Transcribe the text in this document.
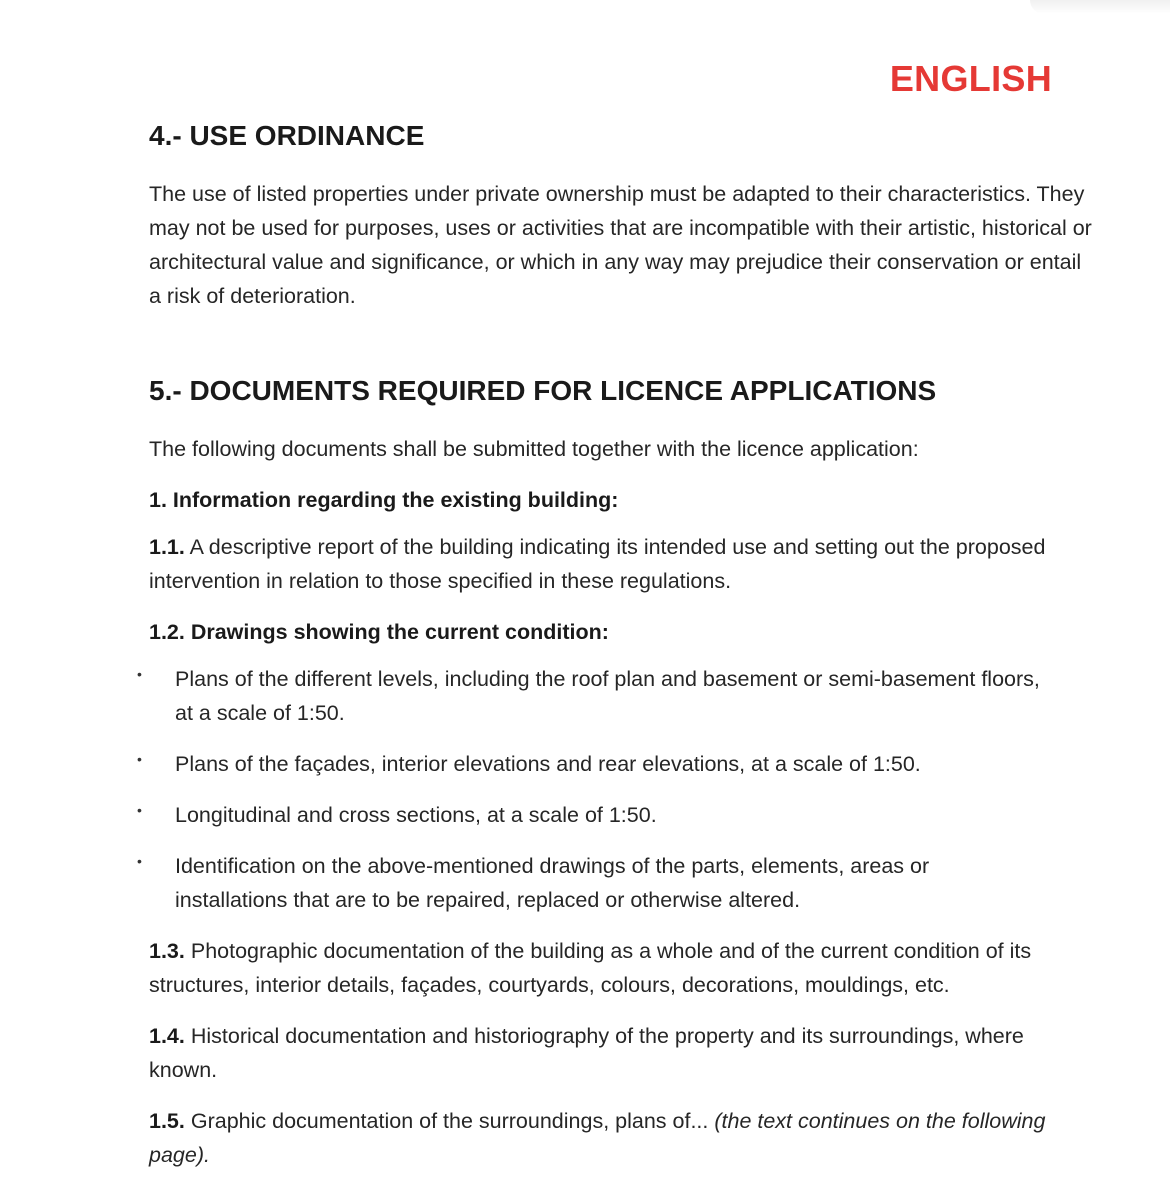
ENGLISH
4.- USE ORDINANCE
The use of listed properties under private ownership must be adapted to their characteristics. They may not be used for purposes, uses or activities that are incompatible with their artistic, historical or architectural value and significance, or which in any way may prejudice their conservation or entail a risk of deterioration.
5.- DOCUMENTS REQUIRED FOR LICENCE APPLICATIONS
The following documents shall be submitted together with the licence application:
1. Information regarding the existing building:
1.1. A descriptive report of the building indicating its intended use and setting out the proposed intervention in relation to those specified in these regulations.
1.2. Drawings showing the current condition:
• Plans of the different levels, including the roof plan and basement or semi-basement floors, at a scale of 1:50.
• Plans of the façades, interior elevations and rear elevations, at a scale of 1:50.
• Longitudinal and cross sections, at a scale of 1:50.
• Identification on the above-mentioned drawings of the parts, elements, areas or installations that are to be repaired, replaced or otherwise altered.
1.3. Photographic documentation of the building as a whole and of the current condition of its structures, interior details, façades, courtyards, colours, decorations, mouldings, etc.
1.4. Historical documentation and historiography of the property and its surroundings, where known.
1.5. Graphic documentation of the surroundings, plans of... (the text continues on the following page).
